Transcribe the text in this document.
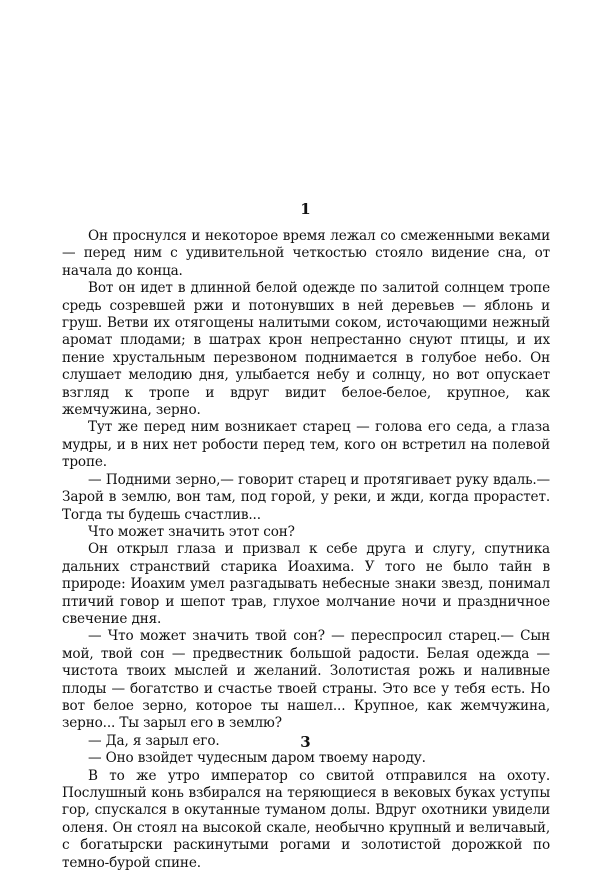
1

Он проснулся и некоторое время лежал со смеженными веками — перед ним с удивительной четкостью стояло видение сна, от начала до конца.

Вот он идет в длинной белой одежде по залитой солнцем тропе средь созревшей ржи и потонувших в ней деревьев — яблонь и груш. Ветви их отягощены налитыми соком, источающими нежный аромат плодами; в шатрах крон непрестанно снуют птицы, и их пение хрустальным перезвоном поднимается в голубое небо. Он слушает мелодию дня, улыбается небу и солнцу, но вот опускает взгляд к тропе и вдруг видит белое-белое, крупное, как жемчужина, зерно.

Тут же перед ним возникает старец — голова его седа, а глаза мудры, и в них нет робости перед тем, кого он встретил на полевой тропе.

— Подними зерно,— говорит старец и протягивает руку вдаль.— Зарой в землю, вон там, под горой, у реки, и жди, когда прорастет. Тогда ты будешь счастлив...

Что может значить этот сон?

Он открыл глаза и призвал к себе друга и слугу, спутника дальних странствий старика Иоахима. У того не было тайн в природе: Иоахим умел разгадывать небесные знаки звезд, понимал птичий говор и шепот трав, глухое молчание ночи и праздничное свечение дня.

— Что может значить твой сон? — переспросил старец.— Сын мой, твой сон — предвестник большой радости. Белая одежда — чистота твоих мыслей и желаний. Золотистая рожь и наливные плоды — богатство и счастье твоей страны. Это все у тебя есть. Но вот белое зерно, которое ты нашел... Крупное, как жемчужина, зерно... Ты зарыл его в землю?

— Да, я зарыл его.

— Оно взойдет чудесным даром твоему народу.

В то же утро император со свитой отправился на охоту. Послушный конь взбирался на теряющиеся в вековых буках уступы гор, спускался в окутанные туманом долы. Вдруг охотники увидели оленя. Он стоял на высокой скале, необычно крупный и величавый, с богатырски раскинутыми рогами и золотистой дорожкой по темно-бурой спине.

3
